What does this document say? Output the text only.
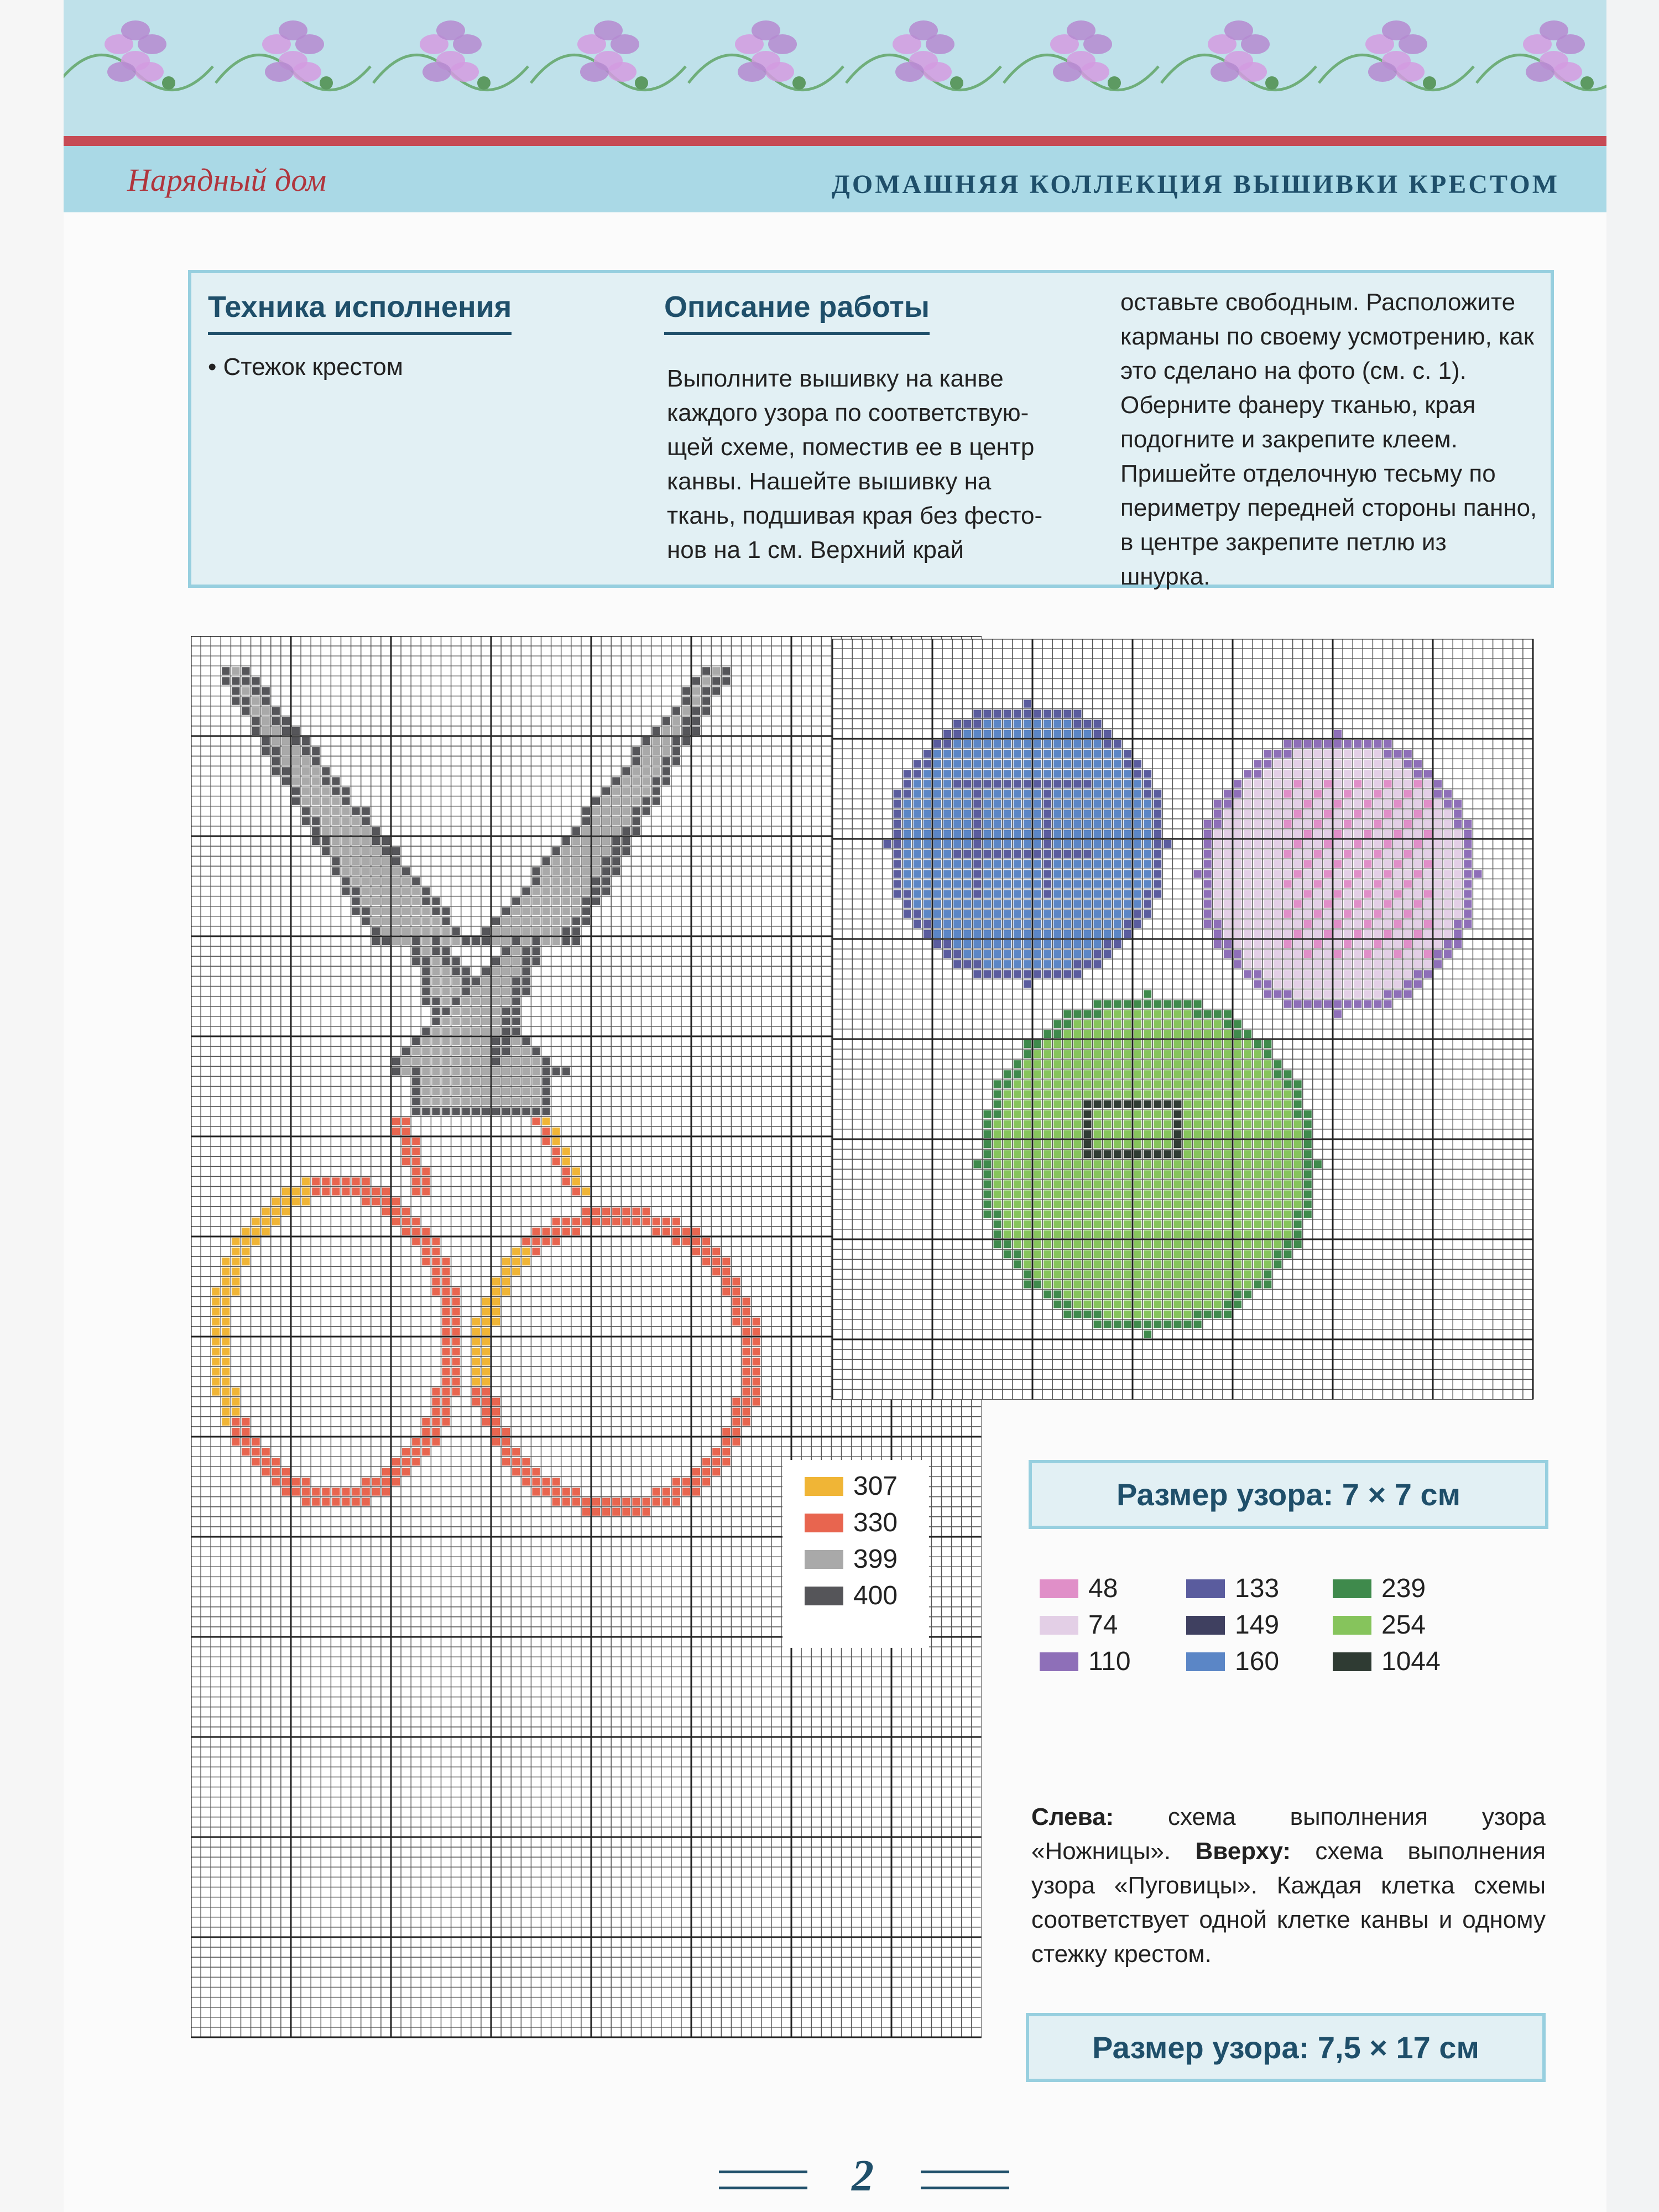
Нарядный дом	ДОМАШНЯЯ КОЛЛЕКЦИЯ ВЫШИВКИ КРЕСТОМ
Техника исполнения
• Стежок крестом
Описание работы
Выполните вышивку на канве
каждого узора по соответствую-
щей схеме, поместив ее в центр
канвы. Нашейте вышивку на
ткань, подшивая края без фесто-
нов на 1 см. Верхний край
оставьте свободным. Расположите
карманы по своему усмотрению, как
это сделано на фото (см. с. 1).
Оберните фанеру тканью, края
подогните и закрепите клеем.
Пришейте отделочную тесьму по
периметру передней стороны панно,
в центре закрепите петлю из шнурка.
307
330
399
400
Размер узора: 7 × 7 см
Слева: схема выполнения узора «Ножницы». Вверху: схема выполнения узора «Пуговицы». Каждая клетка схемы соответствует одной клетке канвы и одному стежку крестом.
Размер узора: 7,5 × 17 см
2
48
74
110
133
149
160
239
254
1044
